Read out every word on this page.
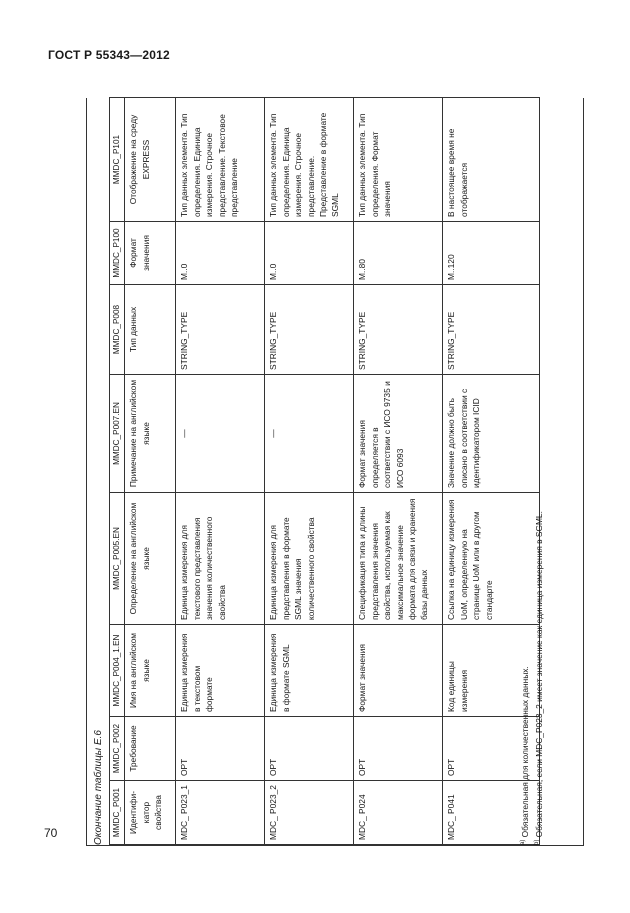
ГОСТ Р 55343—2012
70	Окончание таблицы Е.6 MMDC_P001	MMDC_P002	MMDC_P004_1.EN	MMDC_P005.EN	MMDC_P007.EN	MMDC_P008	MMDC_P100	MMDC_P101
Идентифи-катор свойства	Требование	Имя на английском языке	Определение на английском языке	Примечание на английском языке	Тип данных	Формат значения	Отображение на среду EXPRESS
MDC_ P023_1	OPT	Единица измерения в текстовом формате	Единица измерения для текстового представления значения количественного свойства	—	STRING_TYPE	M..0	Тип данных элемента. Тип определения. Единица измерения. Строчное представление. Текстовое представление
MDC_ P023_2	OPT	Единица измерения в формате SGML	Единица измерения для представления в формате SGML значения количественного свойства	—	STRING_TYPE	M..0	Тип данных элемента. Тип определения. Единица измерения. Строчное представление. Представление в формате SGML
MDC_ P024	OPT	Формат значения	Спецификация типа и длины представления значения свойства, используемая как максимальное значение формата для связи и хранения базы данных	Формат значения определяется в соответствии с ИСО 9735 и ИСО 6093	STRING_TYPE	M..80	Тип данных элемента. Тип определения. Формат значения
MDC_ P041	OPT	Код единицы измерения	Ссылка на единицу измерения UoM, определенную на странице UoM или в другом стандарте	Значение должно быть описано в соответствии с идентификатором ICID	STRING_TYPE	M..120	В настоящее время не отображается
$^{a)}$ Обязательная для количественных данных.
$^{b)}$ Обязательная, если MDC_P023_2 имеет значение как единица измерения в SGML.
